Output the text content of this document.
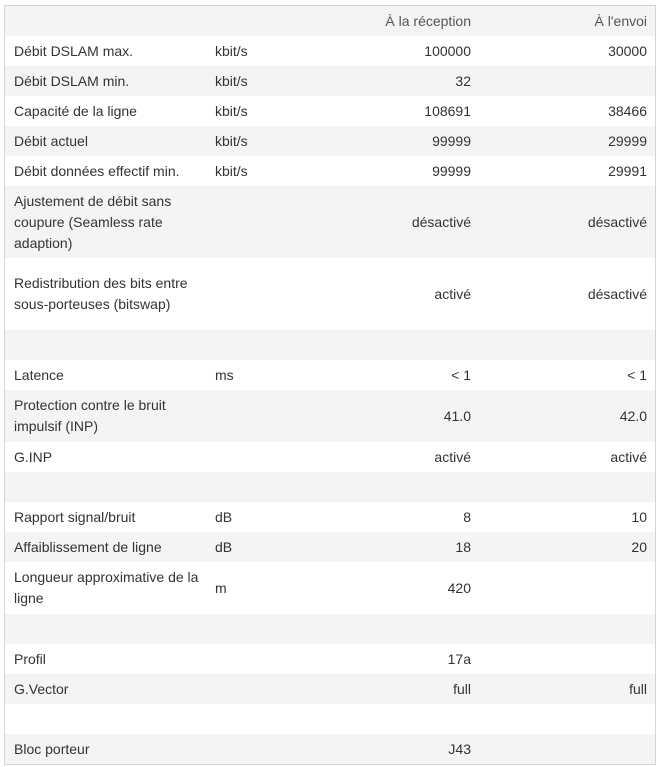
		À la réception	À l'envoi
Débit DSLAM max.	kbit/s	100000	30000
Débit DSLAM min.	kbit/s	32	
Capacité de la ligne	kbit/s	108691	38466
Débit actuel	kbit/s	99999	29999
Débit données effectif min.	kbit/s	99999	29991
Ajustement de débit sans coupure (Seamless rate adaption)		désactivé	désactivé
Redistribution des bits entre sous-porteuses (bitswap)		activé	désactivé

Latence	ms	< 1	< 1
Protection contre le bruit impulsif (INP)		41.0	42.0
G.INP		activé	activé

Rapport signal/bruit	dB	8	10
Affaiblissement de ligne	dB	18	20
Longueur approximative de la ligne	m	420	

Profil		17a	
G.Vector		full	full

Bloc porteur		J43	
